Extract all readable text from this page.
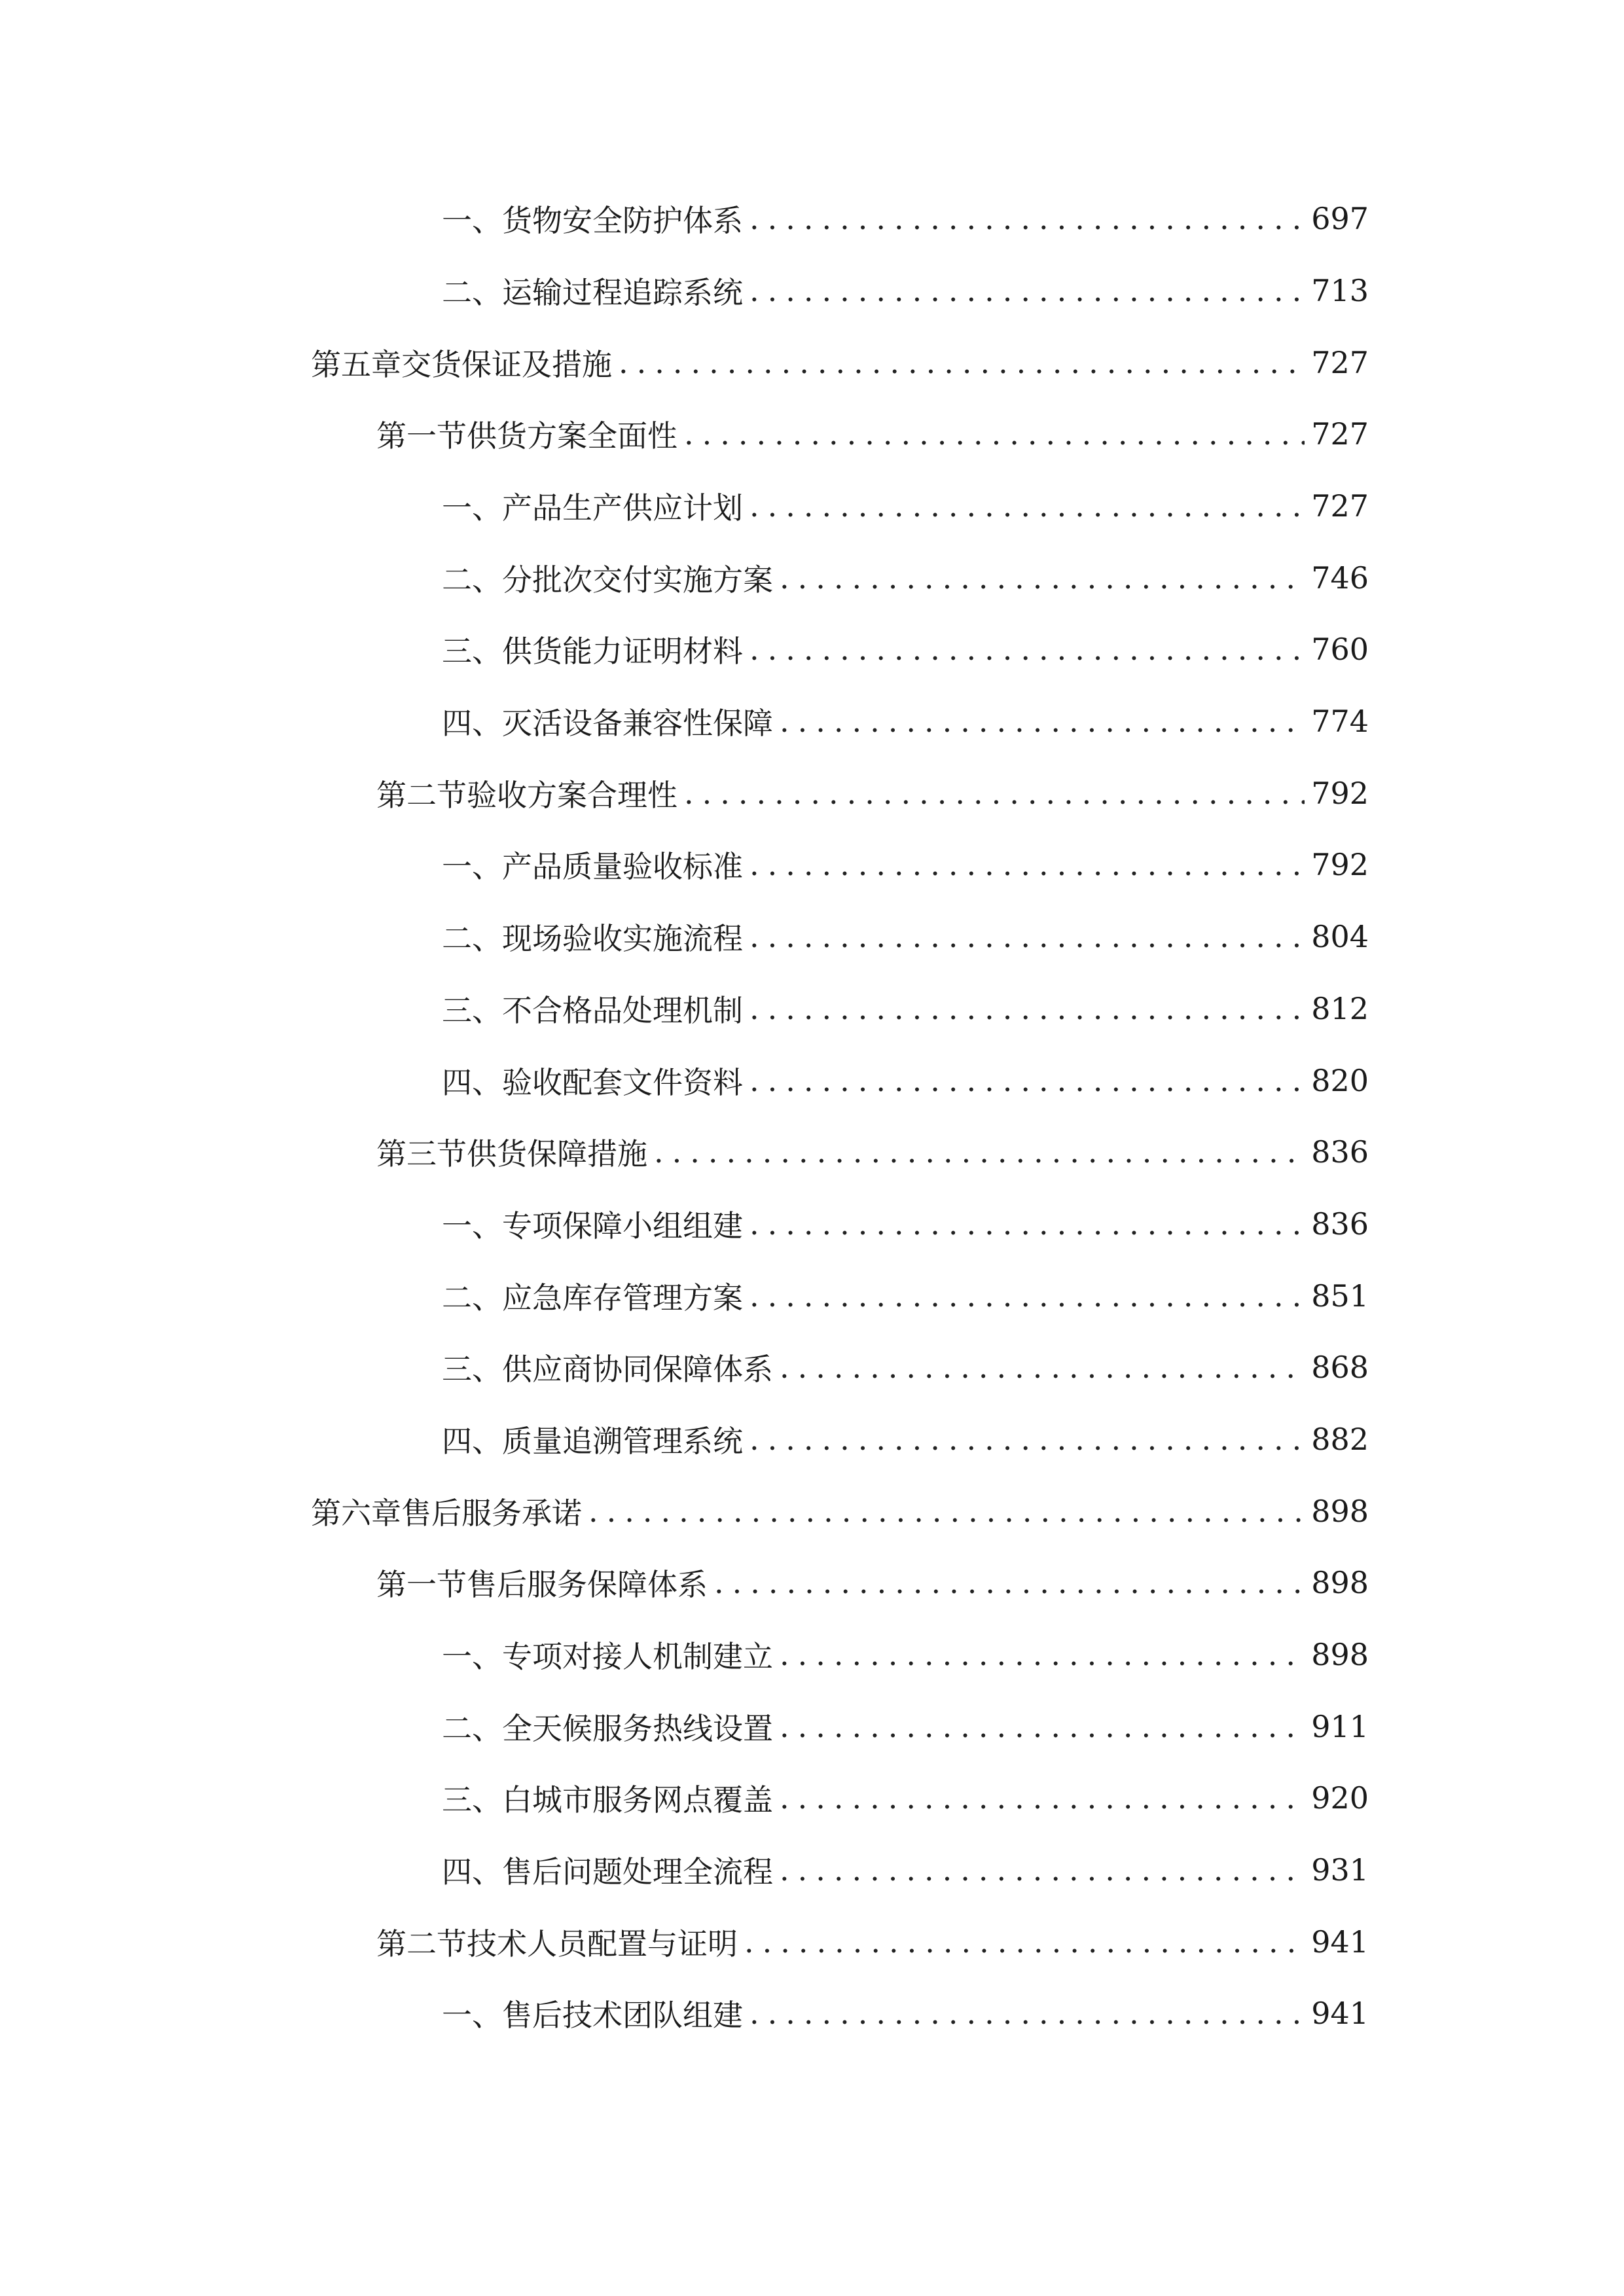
一、 货物安全防护体系 .....	697
二、 运输过程追踪系统 .....	713
第五章 交货保证及措施 .....	727
第一节 供货方案全面性 .....	727
一、 产品生产供应计划 .....	727
二、 分批次交付实施方案 .....	746
三、 供货能力证明材料 .....	760
四、 灭活设备兼容性保障 .....	774
第二节 验收方案合理性 .....	792
一、 产品质量验收标准 .....	792
二、 现场验收实施流程 .....	804
三、 不合格品处理机制 .....	812
四、 验收配套文件资料 .....	820
第三节 供货保障措施 .....	836
一、 专项保障小组组建 .....	836
二、 应急库存管理方案 .....	851
三、 供应商协同保障体系 .....	868
四、 质量追溯管理系统 .....	882
第六章 售后服务承诺 .....	898
第一节 售后服务保障体系 .....	898
一、 专项对接人机制建立 .....	898
二、 全天候服务热线设置 .....	911
三、 白城市服务网点覆盖 .....	920
四、 售后问题处理全流程 .....	931
第二节 技术人员配置与证明 .....	941
一、 售后技术团队组建 .....	941
